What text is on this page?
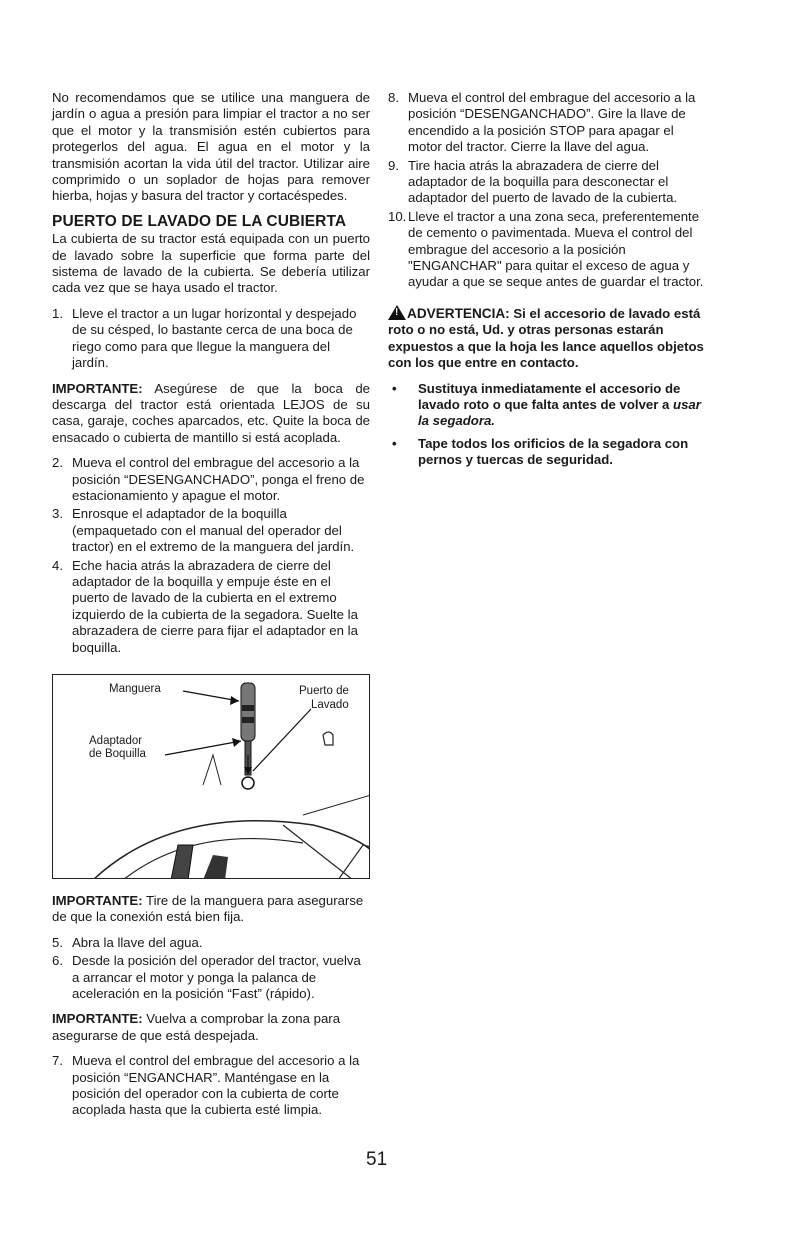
No recomendamos que se utilice una manguera de jardín o agua a presión para limpiar el tractor a no ser que el motor y la transmisión estén cubiertos para protegerlos del agua. El agua en el motor y la transmisión acortan la vida útil del tractor. Utilizar aire comprimido o un soplador de hojas para remover hierba, hojas y basura del tractor y cortacéspedes.

PUERTO DE LAVADO DE LA CUBIERTA

La cubierta de su tractor está equipada con un puerto de lavado sobre la superficie que forma parte del sistema de lavado de la cubierta. Se debería utilizar cada vez que se haya usado el tractor.

1. Lleve el tractor a un lugar horizontal y despejado de su césped, lo bastante cerca de una boca de riego como para que llegue la manguera del jardín.

IMPORTANTE: Asegúrese de que la boca de descarga del tractor está orientada LEJOS de su casa, garaje, coches aparcados, etc. Quite la boca de ensacado o cubierta de mantillo si está acoplada.

2. Mueva el control del embrague del accesorio a la posición “DESENGANCHADO”, ponga el freno de estacionamiento y apague el motor.
3. Enrosque el adaptador de la boquilla (empaquetado con el manual del operador del tractor) en el extremo de la manguera del jardín.
4. Eche hacia atrás la abrazadera de cierre del adaptador de la boquilla y empuje éste en el puerto de lavado de la cubierta en el extremo izquierdo de la cubierta de la segadora. Suelte la abrazadera de cierre para fijar el adaptador en la boquilla.
Manguera	Puerto de
Lavado
Adaptador
de Boquilla

IMPORTANTE: Tire de la manguera para asegurarse de que la conexión está bien fija.

5. Abra la llave del agua.
6. Desde la posición del operador del tractor, vuelva a arrancar el motor y ponga la palanca de aceleración en la posición “Fast” (rápido).

IMPORTANTE: Vuelva a comprobar la zona para asegurarse de que está despejada.

7. Mueva el control del embrague del accesorio a la posición “ENGANCHAR”. Manténgase en la posición del operador con la cubierta de corte acoplada hasta que la cubierta esté limpia.
8. Mueva el control del embrague del accesorio a la posición “DESENGANCHADO”. Gire la llave de encendido a la posición STOP para apagar el motor del tractor. Cierre la llave del agua.
9. Tire hacia atrás la abrazadera de cierre del adaptador de la boquilla para desconectar el adaptador del puerto de lavado de la cubierta.
10. Lleve el tractor a una zona seca, preferentemente de cemento o pavimentada. Mueva el control del embrague del accesorio a la posición "ENGANCHAR" para quitar el exceso de agua y ayudar a que se seque antes de guardar el tractor.

!ADVERTENCIA: Si el accesorio de lavado está roto o no está, Ud. y otras personas estarán expuestos a que la hoja les lance aquellos objetos con los que entre en contacto.

• Sustituya inmediatamente el accesorio de lavado roto o que falta antes de volver a usar la segadora.
• Tape todos los orificios de la segadora con pernos y tuercas de seguridad.
51
